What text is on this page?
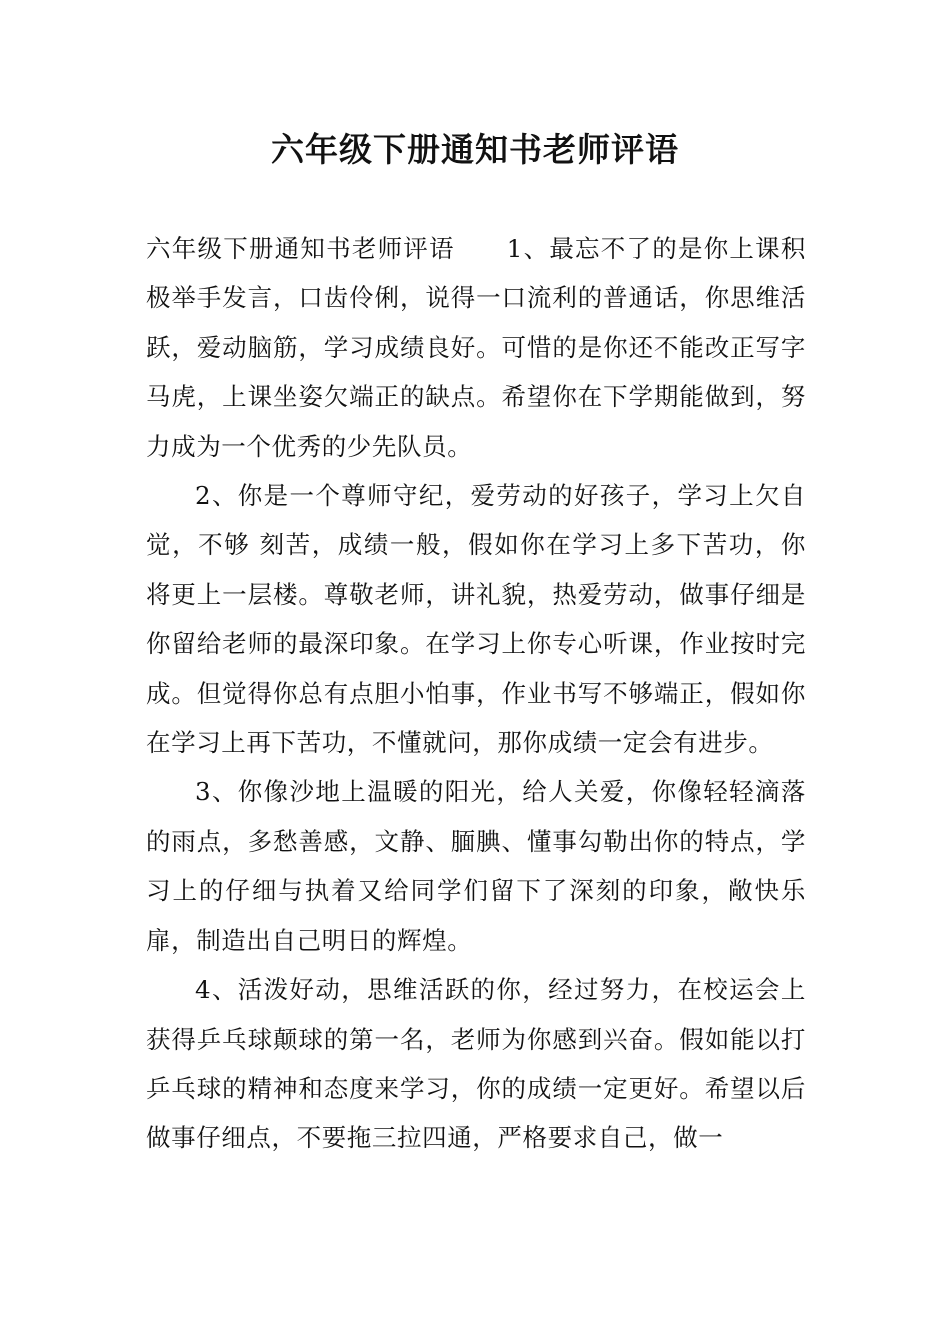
六年级下册通知书老师评语

六年级下册通知书老师评语 1、最忘不了的是你上课积极举手发言，口齿伶俐，说得一口流利的普通话，你思维活跃，爱动脑筋，学习成绩良好。可惜的是你还不能改正写字马虎，上课坐姿欠端正的缺点。希望你在下学期能做到，努力成为一个优秀的少先队员。

2、你是一个尊师守纪，爱劳动的好孩子，学习上欠自觉，不够 刻苦，成绩一般，假如你在学习上多下苦功，你将更上一层楼。尊敬老师，讲礼貌，热爱劳动，做事仔细是你留给老师的最深印象。在学习上你专心听课，作业按时完成。但觉得你总有点胆小怕事，作业书写不够端正，假如你在学习上再下苦功，不懂就问，那你成绩一定会有进步。

3、你像沙地上温暖的阳光，给人关爱，你像轻轻滴落的雨点，多愁善感，文静、腼腆、懂事勾勒出你的特点，学习上的仔细与执着又给同学们留下了深刻的印象，敞快乐扉，制造出自己明日的辉煌。

4、活泼好动，思维活跃的你，经过努力，在校运会上获得乒乓球颠球的第一名，老师为你感到兴奋。假如能以打乒乓球的精神和态度来学习，你的成绩一定更好。希望以后做事仔细点，不要拖三拉四通，严格要求自己，做一
